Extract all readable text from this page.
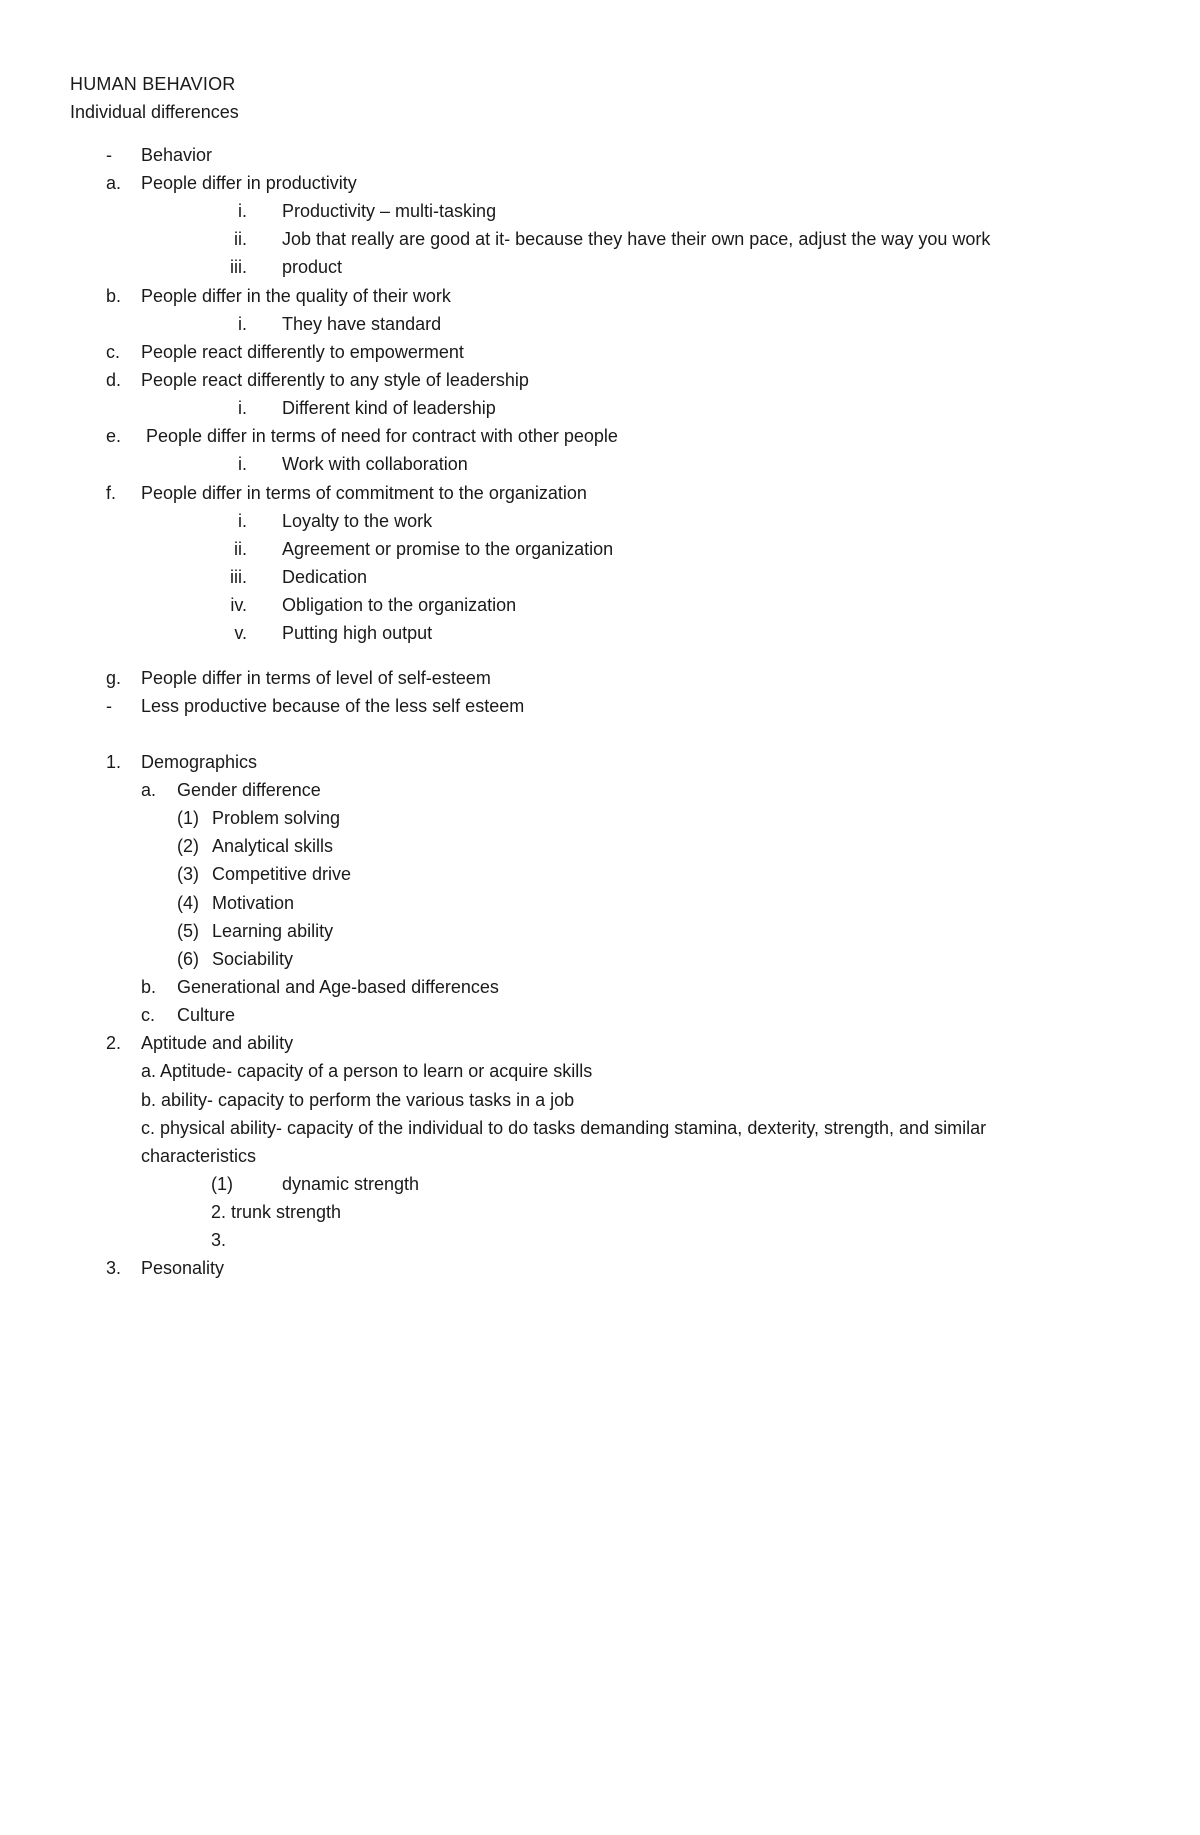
HUMAN BEHAVIOR
Individual differences
- Behavior
a. People differ in productivity
i. Productivity – multi-tasking
ii. Job that really are good at it- because they have their own pace, adjust the way you work
iii. product
b. People differ in the quality of their work
i. They have standard
c. People react differently to empowerment
d. People react differently to any style of leadership
i. Different kind of leadership
e. People differ in terms of need for contract with other people
i. Work with collaboration
f. People differ in terms of commitment to the organization
i. Loyalty to the work
ii. Agreement or promise to the organization
iii. Dedication
iv. Obligation to the organization
v. Putting high output
g. People differ in terms of level of self-esteem
- Less productive because of the less self esteem
1. Demographics
a. Gender difference
(1) Problem solving
(2) Analytical skills
(3) Competitive drive
(4) Motivation
(5) Learning ability
(6) Sociability
b. Generational and Age-based differences
c. Culture
2. Aptitude and ability
a. Aptitude- capacity of a person to learn or acquire skills
b. ability- capacity to perform the various tasks in a job
c. physical ability- capacity of the individual to do tasks demanding stamina, dexterity, strength, and similar
characteristics
(1)	dynamic strength
2. trunk strength
3.
3. Pesonality
